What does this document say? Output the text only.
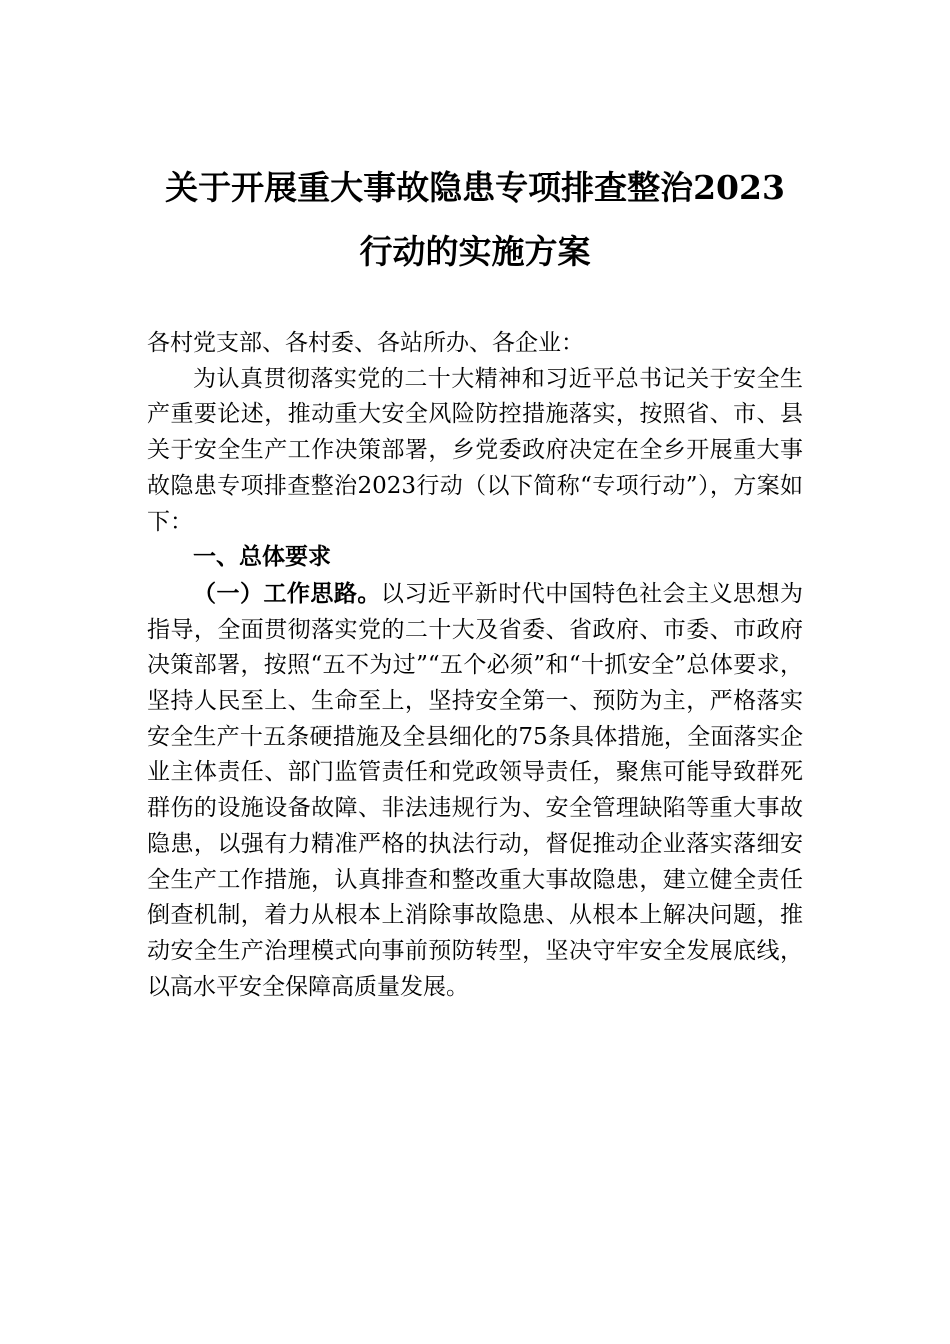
关于开展重大事故隐患专项排查整治2023
行动的实施方案

各村党支部、各村委、各站所办、各企业：

为认真贯彻落实党的二十大精神和习近平总书记关于安全生产重要论述，推动重大安全风险防控措施落实，按照省、市、县关于安全生产工作决策部署，乡党委政府决定在全乡开展重大事故隐患专项排查整治2023行动（以下简称“专项行动”），方案如下：

一、总体要求

（一）工作思路。以习近平新时代中国特色社会主义思想为指导，全面贯彻落实党的二十大及省委、省政府、市委、市政府决策部署，按照“五不为过”“五个必须”和“十抓安全”总体要求，坚持人民至上、生命至上，坚持安全第一、预防为主，严格落实安全生产十五条硬措施及全县细化的75条具体措施，全面落实企业主体责任、部门监管责任和党政领导责任，聚焦可能导致群死群伤的设施设备故障、非法违规行为、安全管理缺陷等重大事故隐患，以强有力精准严格的执法行动，督促推动企业落实落细安全生产工作措施，认真排查和整改重大事故隐患，建立健全责任倒查机制，着力从根本上消除事故隐患、从根本上解决问题，推动安全生产治理模式向事前预防转型，坚决守牢安全发展底线，以高水平安全保障高质量发展。
